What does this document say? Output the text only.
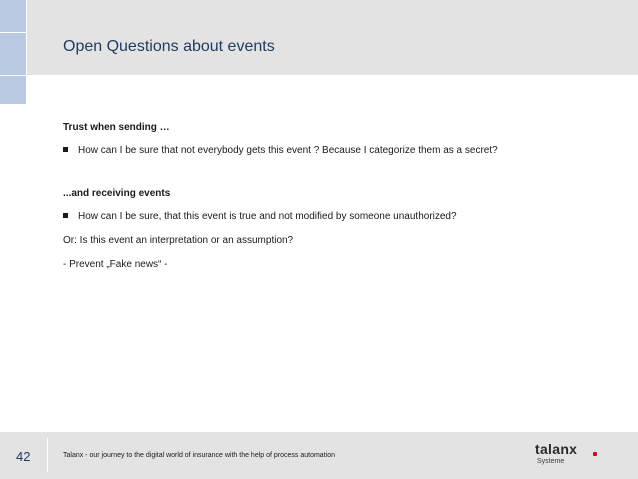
Open Questions about events
Trust when sending …
How can I be sure that not everybody gets this event ? Because I categorize them as a secret?
...and receiving events
How can I be sure, that this event is true and not modified by someone unauthorized?
Or: Is this event an interpretation or an assumption?
- Prevent „Fake news“ -
42	Talanx - our journey to the digital world of insurance with the help of process automation	talanx
Systeme
